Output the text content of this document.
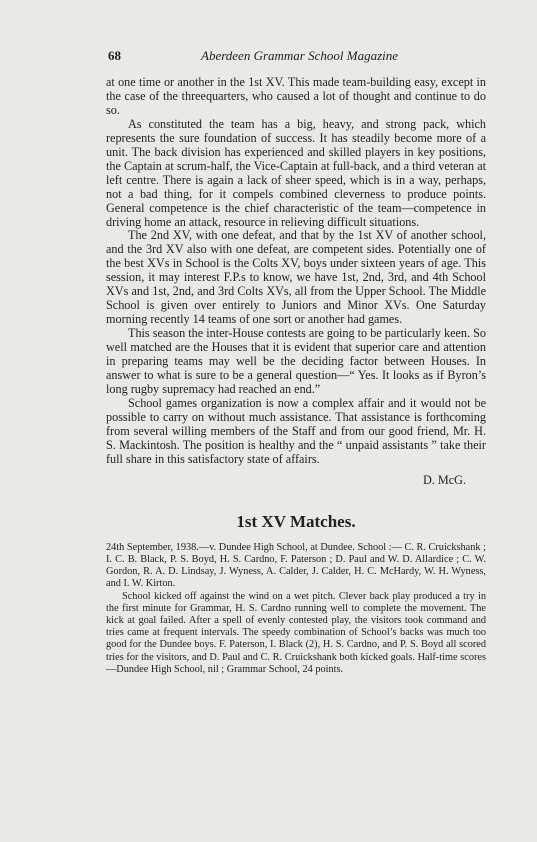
68	Aberdeen Grammar School Magazine

at one time or another in the 1st XV. This made team-building easy, except in the case of the threequarters, who caused a lot of thought and continue to do so.

As constituted the team has a big, heavy, and strong pack, which represents the sure foundation of success. It has steadily become more of a unit. The back division has experienced and skilled players in key positions, the Captain at scrum-half, the Vice-Captain at full-back, and a third veteran at left centre. There is again a lack of sheer speed, which is in a way, perhaps, not a bad thing, for it compels combined cleverness to produce points. General competence is the chief characteristic of the team—competence in driving home an attack, resource in relieving difficult situations.

The 2nd XV, with one defeat, and that by the 1st XV of another school, and the 3rd XV also with one defeat, are competent sides. Potentially one of the best XVs in School is the Colts XV, boys under sixteen years of age. This session, it may interest F.P.s to know, we have 1st, 2nd, 3rd, and 4th School XVs and 1st, 2nd, and 3rd Colts XVs, all from the Upper School. The Middle School is given over entirely to Juniors and Minor XVs. One Saturday morning recently 14 teams of one sort or another had games.

This season the inter-House contests are going to be particularly keen. So well matched are the Houses that it is evident that superior care and attention in preparing teams may well be the deciding factor between Houses. In answer to what is sure to be a general question—“ Yes. It looks as if Byron’s long rugby supremacy had reached an end.”

School games organization is now a complex affair and it would not be possible to carry on without much assistance. That assistance is forthcoming from several willing members of the Staff and from our good friend, Mr. H. S. Mackintosh. The position is healthy and the “ unpaid assistants ” take their full share in this satisfactory state of affairs.

D. McG.
1st XV Matches.

24th September, 1938.—v. Dundee High School, at Dundee. School :— C. R. Cruickshank ; I. C. B. Black, P. S. Boyd, H. S. Cardno, F. Paterson ; D. Paul and W. D. Allardice ; C. W. Gordon, R. A. D. Lindsay, J. Wyness, A. Calder, J. Calder, H. C. McHardy, W. H. Wyness, and I. W. Kirton.

School kicked off against the wind on a wet pitch. Clever back play produced a try in the first minute for Grammar, H. S. Cardno running well to complete the movement. The kick at goal failed. After a spell of evenly contested play, the visitors took command and tries came at frequent intervals. The speedy combination of School’s backs was much too good for the Dundee boys. F. Paterson, I. Black (2), H. S. Cardno, and P. S. Boyd all scored tries for the visitors, and D. Paul and C. R. Cruickshank both kicked goals. Half-time scores—Dundee High School, nil ; Grammar School, 24 points.
